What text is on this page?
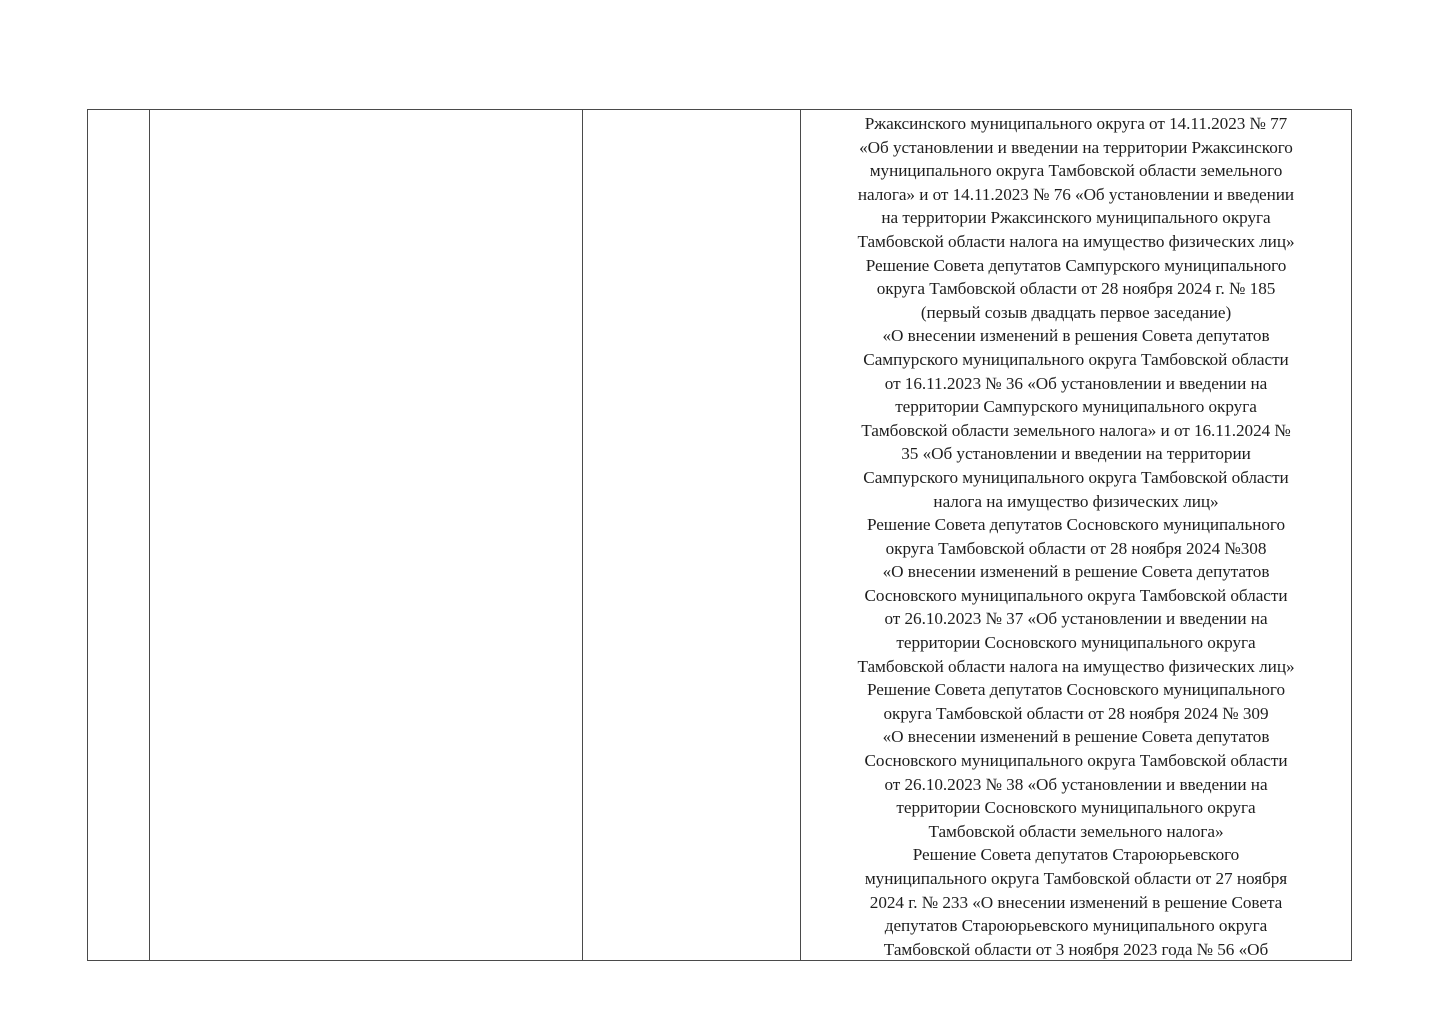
Ржаксинского муниципального округа от 14.11.2023 № 77
«Об установлении и введении на территории Ржаксинского
муниципального округа Тамбовской области земельного
налога» и от 14.11.2023 № 76 «Об установлении и введении
на территории Ржаксинского муниципального округа
Тамбовской области налога на имущество физических лиц»
Решение Совета депутатов Сампурского муниципального
округа Тамбовской области от 28 ноября 2024 г. № 185
(первый созыв двадцать первое заседание)
«О внесении изменений в решения Совета депутатов
Сампурского муниципального округа Тамбовской области
от 16.11.2023 № 36 «Об установлении и введении на
территории Сампурского муниципального округа
Тамбовской области земельного налога» и от 16.11.2024 №
35 «Об установлении и введении на территории
Сампурского муниципального округа Тамбовской области
налога на имущество физических лиц»
Решение Совета депутатов Сосновского муниципального
округа Тамбовской области от 28 ноября 2024 №308
«О внесении изменений в решение Совета депутатов
Сосновского муниципального округа Тамбовской области
от 26.10.2023 № 37 «Об установлении и введении на
территории Сосновского муниципального округа
Тамбовской области налога на имущество физических лиц»
Решение Совета депутатов Сосновского муниципального
округа Тамбовской области от 28 ноября 2024 № 309
«О внесении изменений в решение Совета депутатов
Сосновского муниципального округа Тамбовской области
от 26.10.2023 № 38 «Об установлении и введении на
территории Сосновского муниципального округа
Тамбовской области земельного налога»
Решение Совета депутатов Староюрьевского
муниципального округа Тамбовской области от 27 ноября
2024 г. № 233 «О внесении изменений в решение Совета
депутатов Староюрьевского муниципального округа
Тамбовской области от 3 ноября 2023 года № 56 «Об
